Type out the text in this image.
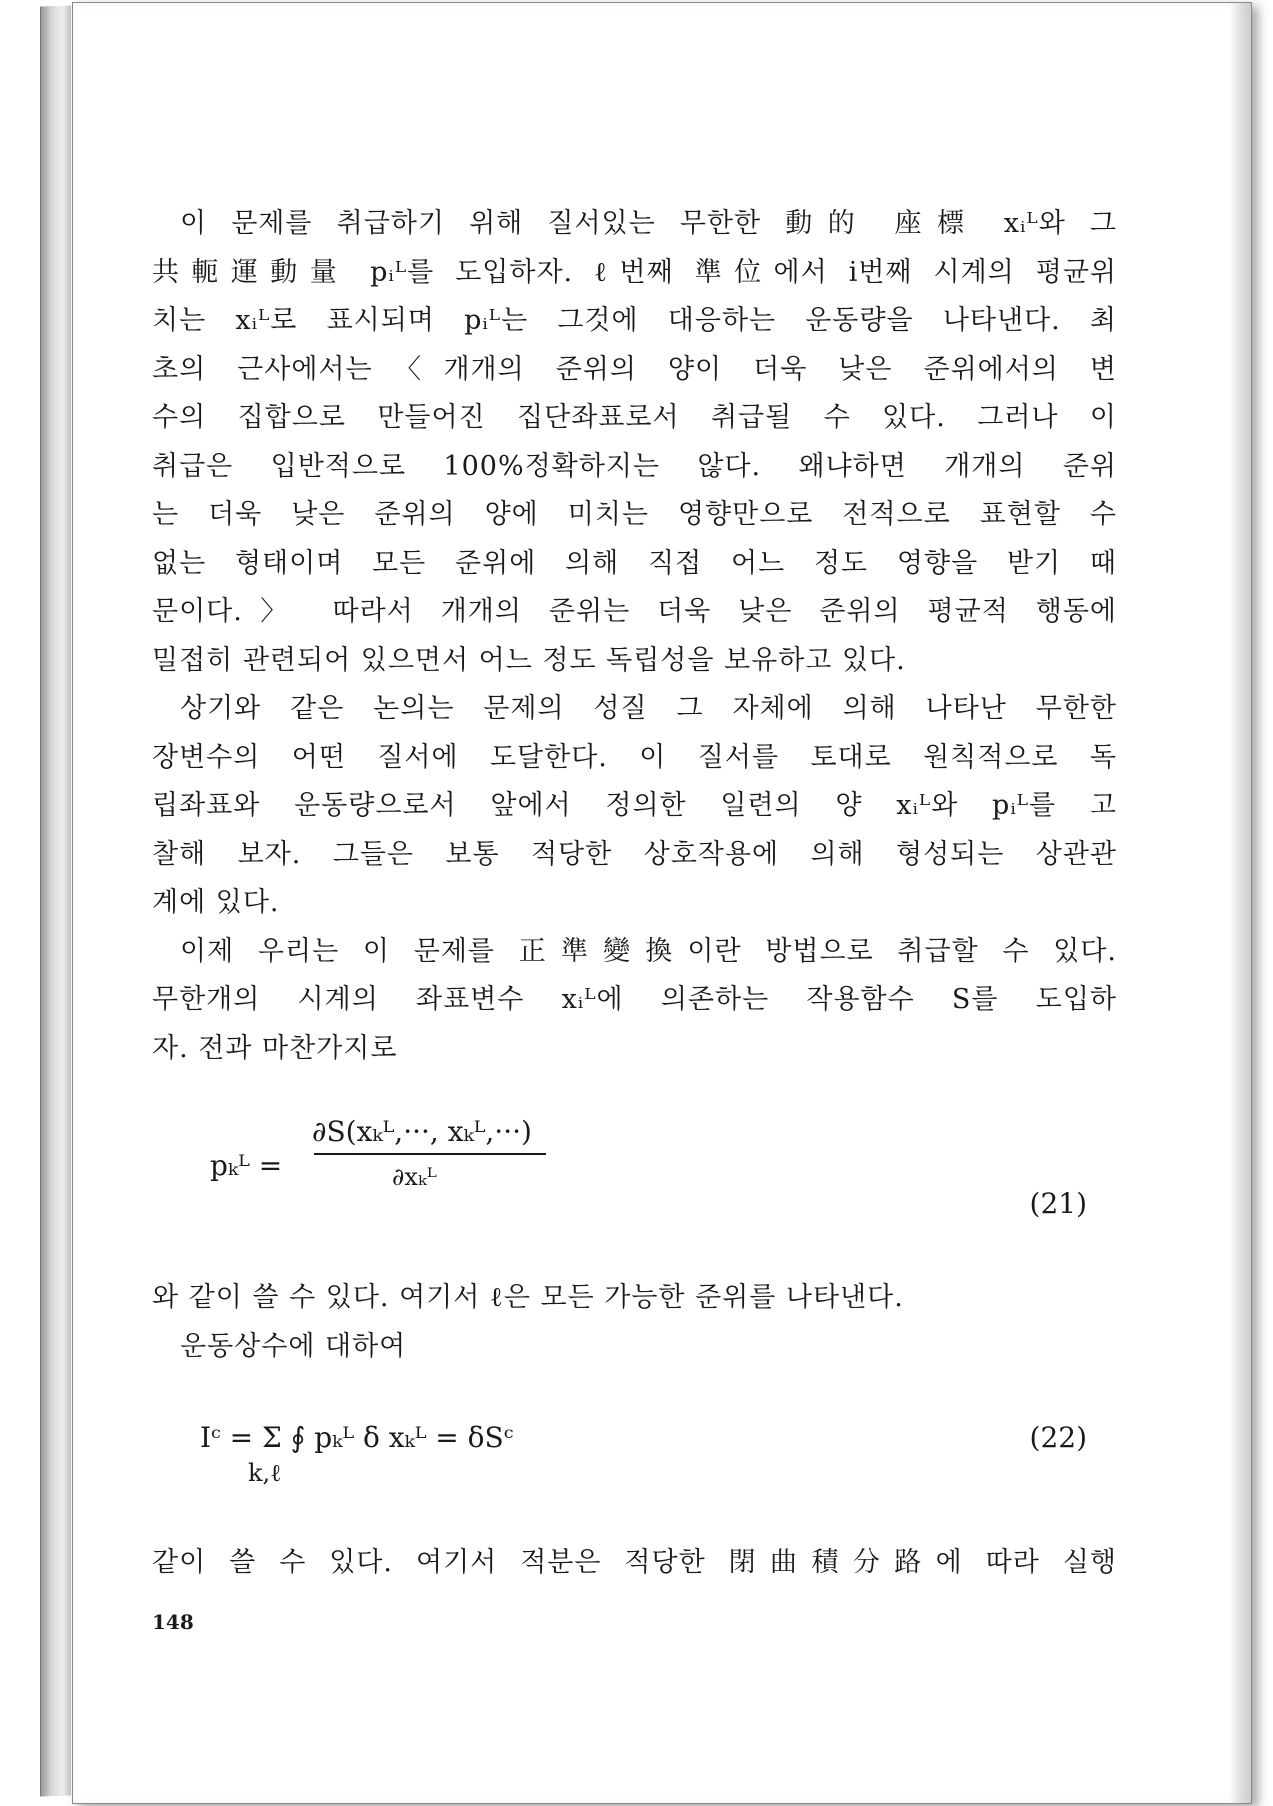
이 문제를 취급하기 위해 질서있는 무한한 動的 座標 xᵢᴸ와 그
共軛運動量 pᵢᴸ를 도입하자. ℓ번째 準位에서 i번째 시계의 평균위
치는 xᵢᴸ로 표시되며 pᵢᴸ는 그것에 대응하는 운동량을 나타낸다. 최
초의 근사에서는〈개개의 준위의 양이 더욱 낮은 준위에서의 변
수의 집합으로 만들어진 집단좌표로서 취급될 수 있다. 그러나 이
취급은 입반적으로 100%정확하지는 않다. 왜냐하면 개개의 준위
는 더욱 낮은 준위의 양에 미치는 영향만으로 전적으로 표현할 수
없는 형태이며 모든 준위에 의해 직접 어느 정도 영향을 받기 때
문이다.〉 따라서 개개의 준위는 더욱 낮은 준위의 평균적 행동에
밀접히 관련되어 있으면서 어느 정도 독립성을 보유하고 있다.
상기와 같은 논의는 문제의 성질 그 자체에 의해 나타난 무한한
장변수의 어떤 질서에 도달한다. 이 질서를 토대로 원칙적으로 독
립좌표와 운동량으로서 앞에서 정의한 일련의 양 xᵢᴸ와 pᵢᴸ를 고
찰해 보자. 그들은 보통 적당한 상호작용에 의해 형성되는 상관관
계에 있다.
이제 우리는 이 문제를 正準變換이란 방법으로 취급할 수 있다.
무한개의 시계의 좌표변수 xᵢᴸ에 의존하는 작용함수 S를 도입하
자. 전과 마찬가지로
pₖᴸ =
∂S(xₖᴸ,···, xₖᴸ,···)
∂xₖᴸ
(21)
와 같이 쓸 수 있다. 여기서 ℓ은 모든 가능한 준위를 나타낸다.
운동상수에 대하여
Iᶜ = Σ ∮ pₖᴸ δ xₖᴸ = δSᶜ
k,ℓ
(22)
같이 쓸 수 있다. 여기서 적분은 적당한 閉曲積分路에 따라 실행
148
